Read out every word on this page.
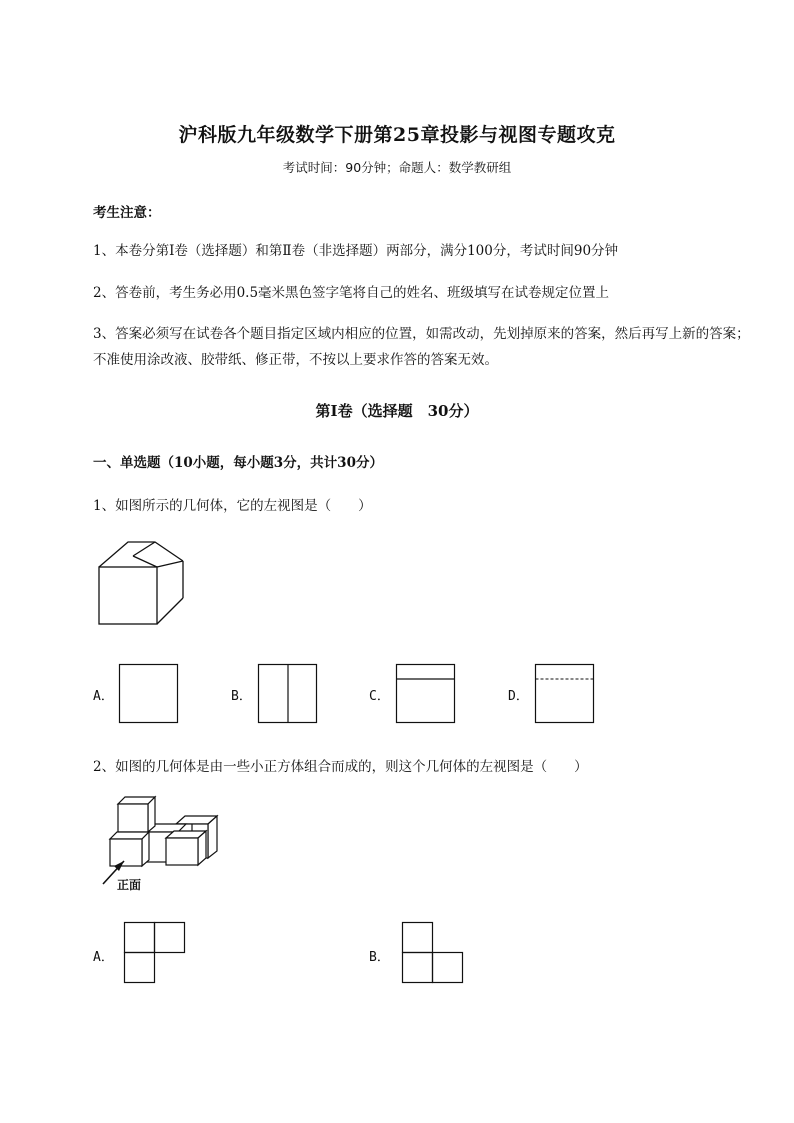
沪科版九年级数学下册第25章投影与视图专题攻克
考试时间：90分钟；命题人：数学教研组
考生注意：
1、本卷分第Ⅰ卷（选择题）和第Ⅱ卷（非选择题）两部分，满分100分，考试时间90分钟
2、答卷前，考生务必用0.5毫米黑色签字笔将自己的姓名、班级填写在试卷规定位置上
3、答案必须写在试卷各个题目指定区域内相应的位置，如需改动，先划掉原来的答案，然后再写上新的答案；不准使用涂改液、胶带纸、修正带，不按以上要求作答的答案无效。
第Ⅰ卷（选择题　30分）
一、单选题（10小题，每小题3分，共计30分）
1、如图所示的几何体，它的左视图是（　　）
A．	B．	C．	D．
2、如图的几何体是由一些小正方体组合而成的，则这个几何体的左视图是（　　）
正面
A．	B．
